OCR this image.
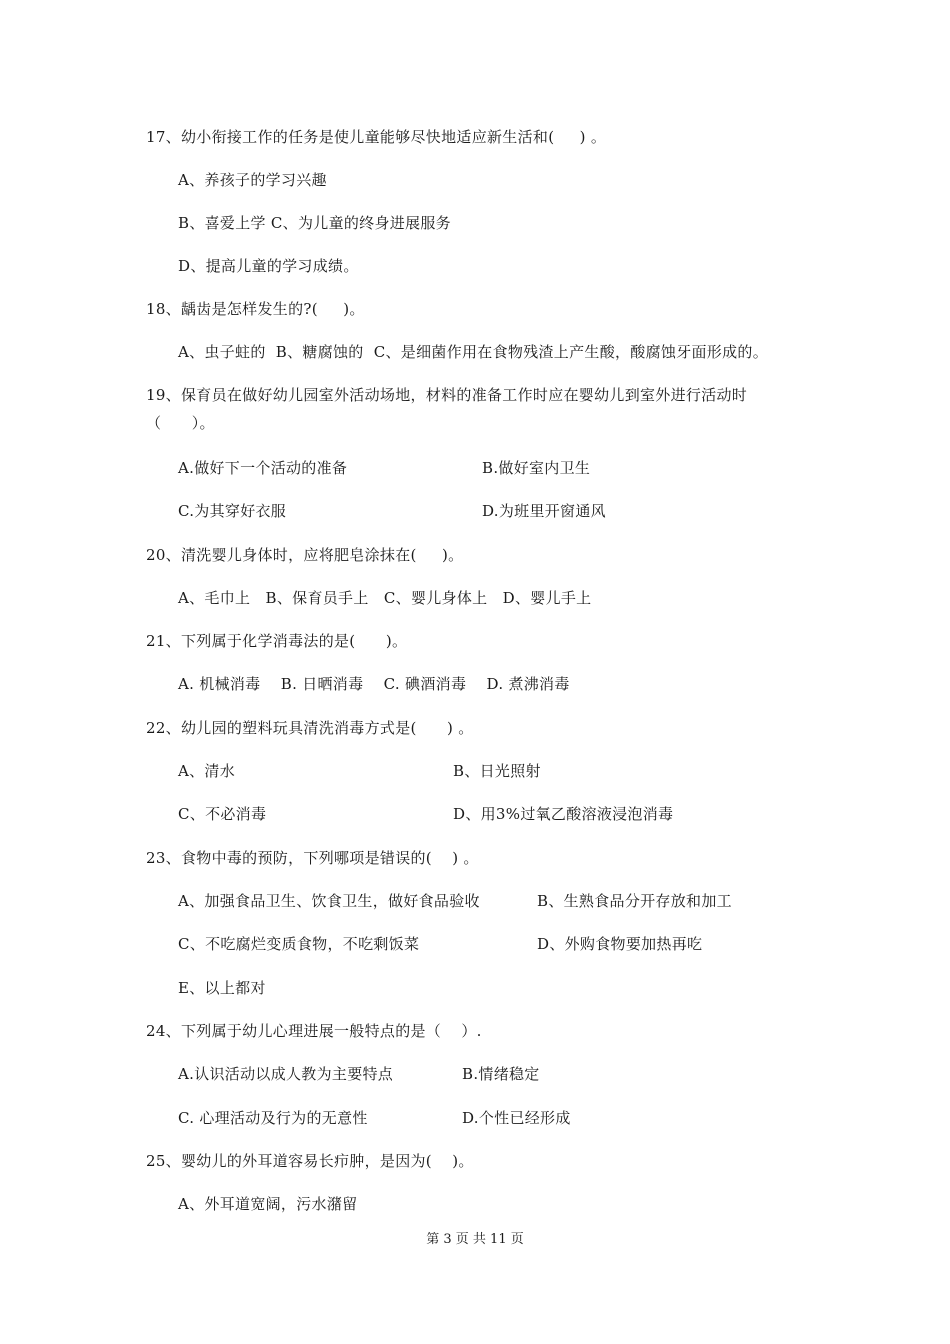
17、幼小衔接工作的任务是使儿童能够尽快地适应新生活和(     ) 。
A、养孩子的学习兴趣
B、喜爱上学 C、为儿童的终身进展服务
D、提高儿童的学习成绩。
18、龋齿是怎样发生的?(     )。
A、虫子蛀的  B、糖腐蚀的  C、是细菌作用在食物残渣上产生酸，酸腐蚀牙面形成的。
19、保育员在做好幼儿园室外活动场地，材料的准备工作时应在婴幼儿到室外进行活动时
（      ）。
A.做好下一个活动的准备	B.做好室内卫生
C.为其穿好衣服	D.为班里开窗通风
20、清洗婴儿身体时，应将肥皂涂抹在(     )。
A、毛巾上   B、保育员手上   C、婴儿身体上   D、婴儿手上
21、下列属于化学消毒法的是(      )。
A. 机械消毒    B. 日晒消毒    C. 碘酒消毒    D. 煮沸消毒
22、幼儿园的塑料玩具清洗消毒方式是(      ) 。
A、清水	B、日光照射
C、不必消毒	D、用3%过氧乙酸溶液浸泡消毒
23、食物中毒的预防，下列哪项是错误的(    ) 。
A、加强食品卫生、饮食卫生，做好食品验收	B、生熟食品分开存放和加工
C、不吃腐烂变质食物，不吃剩饭菜	D、外购食物要加热再吃
E、以上都对
24、下列属于幼儿心理进展一般特点的是（    ）.
A.认识活动以成人教为主要特点	B.情绪稳定
C. 心理活动及行为的无意性	D.个性已经形成
25、婴幼儿的外耳道容易长疖肿，是因为(    )。
A、外耳道宽阔，污水潴留
第 3 页 共 11 页
